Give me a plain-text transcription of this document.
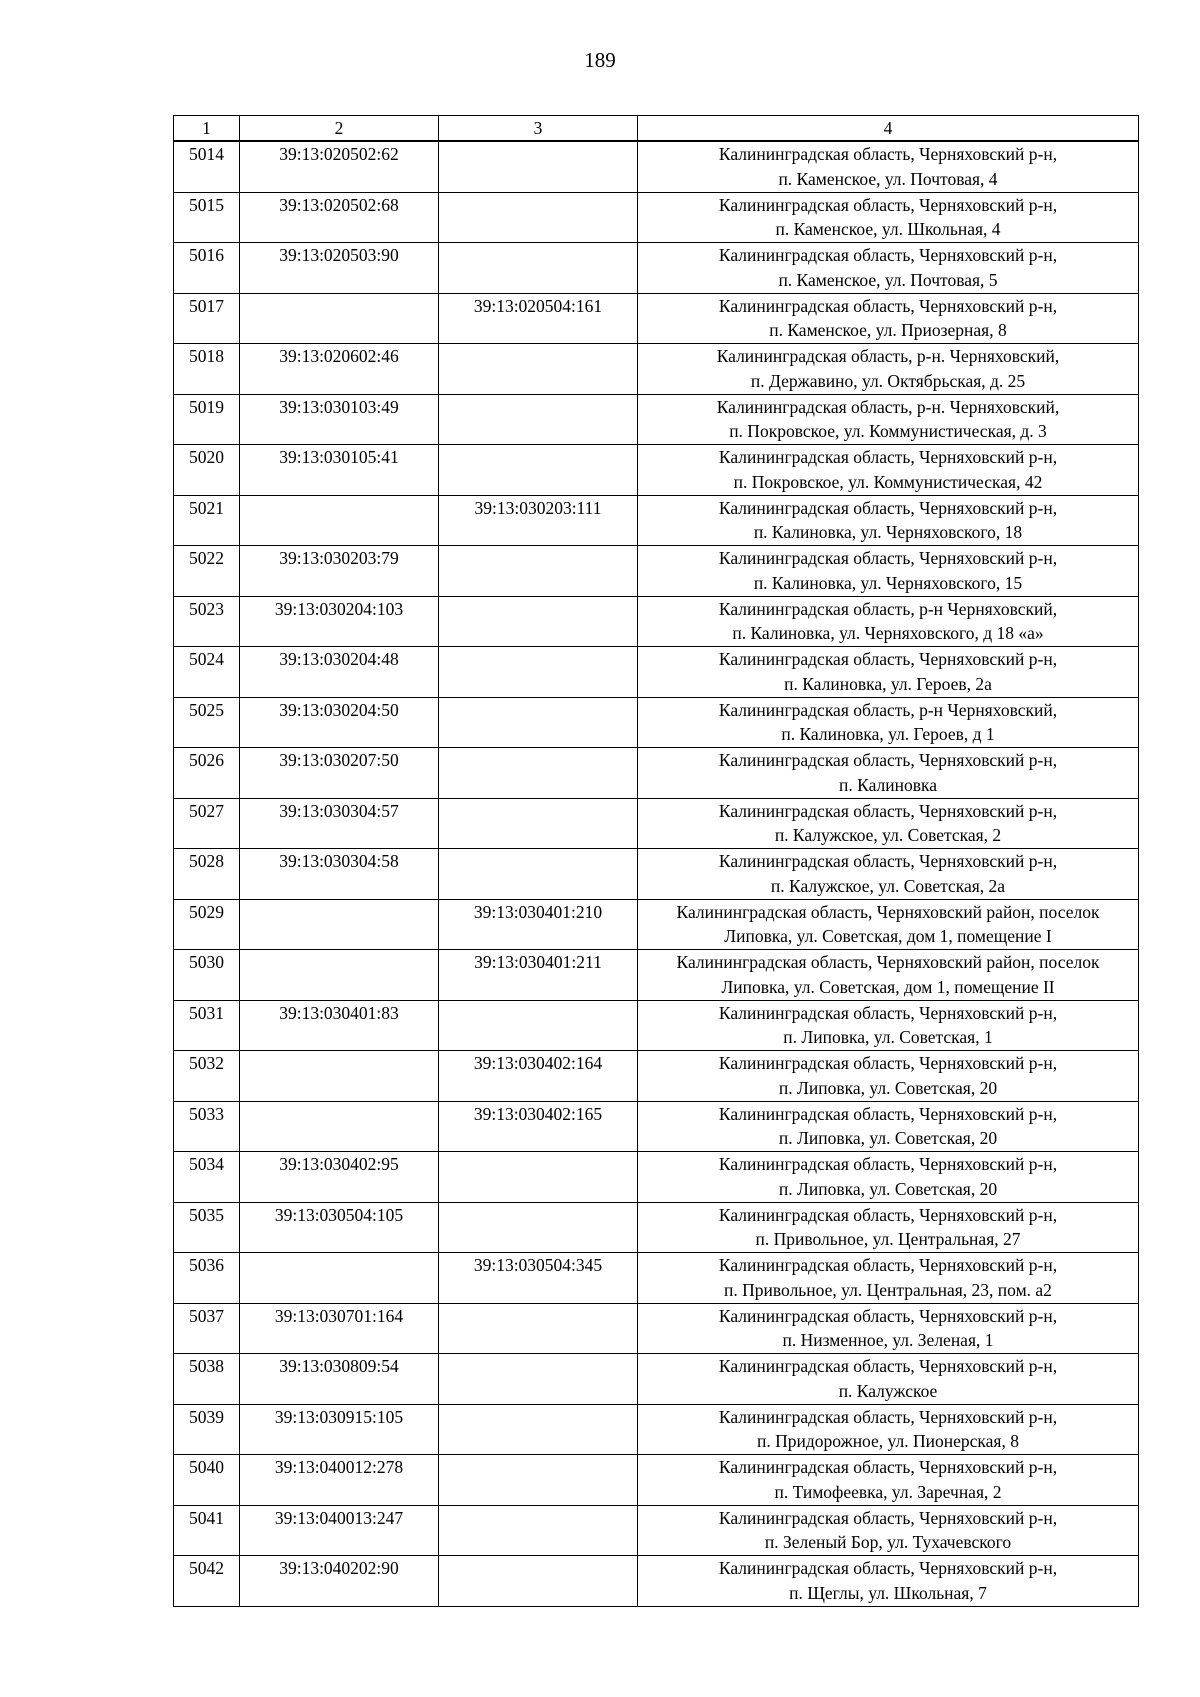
189
1	2	3	4
5014	39:13:020502:62		Калининградская область, Черняховский р-н,
п. Каменское, ул. Почтовая, 4

5015	39:13:020502:68		Калининградская область, Черняховский р-н,
п. Каменское, ул. Школьная, 4

5016	39:13:020503:90		Калининградская область, Черняховский р-н,
п. Каменское, ул. Почтовая, 5

5017		39:13:020504:161	Калининградская область, Черняховский р-н,
п. Каменское, ул. Приозерная, 8

5018	39:13:020602:46		Калининградская область, р-н. Черняховский,
п. Державино, ул. Октябрьская, д. 25

5019	39:13:030103:49		Калининградская область, р-н. Черняховский,
п. Покровское, ул. Коммунистическая, д. 3

5020	39:13:030105:41		Калининградская область, Черняховский р-н,
п. Покровское, ул. Коммунистическая, 42

5021		39:13:030203:111	Калининградская область, Черняховский р-н,
п. Калиновка, ул. Черняховского, 18

5022	39:13:030203:79		Калининградская область, Черняховский р-н,
п. Калиновка, ул. Черняховского, 15

5023	39:13:030204:103		Калининградская область, р-н Черняховский,
п. Калиновка, ул. Черняховского, д 18 «а»

5024	39:13:030204:48		Калининградская область, Черняховский р-н,
п. Калиновка, ул. Героев, 2а

5025	39:13:030204:50		Калининградская область, р-н Черняховский,
п. Калиновка, ул. Героев, д 1

5026	39:13:030207:50		Калининградская область, Черняховский р-н,
п. Калиновка

5027	39:13:030304:57		Калининградская область, Черняховский р-н,
п. Калужское, ул. Советская, 2

5028	39:13:030304:58		Калининградская область, Черняховский р-н,
п. Калужское, ул. Советская, 2а

5029		39:13:030401:210	Калининградская область, Черняховский район, поселок
Липовка, ул. Советская, дом 1, помещение I

5030		39:13:030401:211	Калининградская область, Черняховский район, поселок
Липовка, ул. Советская, дом 1, помещение II

5031	39:13:030401:83		Калининградская область, Черняховский р-н,
п. Липовка, ул. Советская, 1

5032		39:13:030402:164	Калининградская область, Черняховский р-н,
п. Липовка, ул. Советская, 20

5033		39:13:030402:165	Калининградская область, Черняховский р-н,
п. Липовка, ул. Советская, 20

5034	39:13:030402:95		Калининградская область, Черняховский р-н,
п. Липовка, ул. Советская, 20

5035	39:13:030504:105		Калининградская область, Черняховский р-н,
п. Привольное, ул. Центральная, 27

5036		39:13:030504:345	Калининградская область, Черняховский р-н,
п. Привольное, ул. Центральная, 23, пом. а2

5037	39:13:030701:164		Калининградская область, Черняховский р-н,
п. Низменное, ул. Зеленая, 1

5038	39:13:030809:54		Калининградская область, Черняховский р-н,
п. Калужское

5039	39:13:030915:105		Калининградская область, Черняховский р-н,
п. Придорожное, ул. Пионерская, 8

5040	39:13:040012:278		Калининградская область, Черняховский р-н,
п. Тимофеевка, ул. Заречная, 2

5041	39:13:040013:247		Калининградская область, Черняховский р-н,
п. Зеленый Бор, ул. Тухачевского

5042	39:13:040202:90		Калининградская область, Черняховский р-н,
п. Щеглы, ул. Школьная, 7
